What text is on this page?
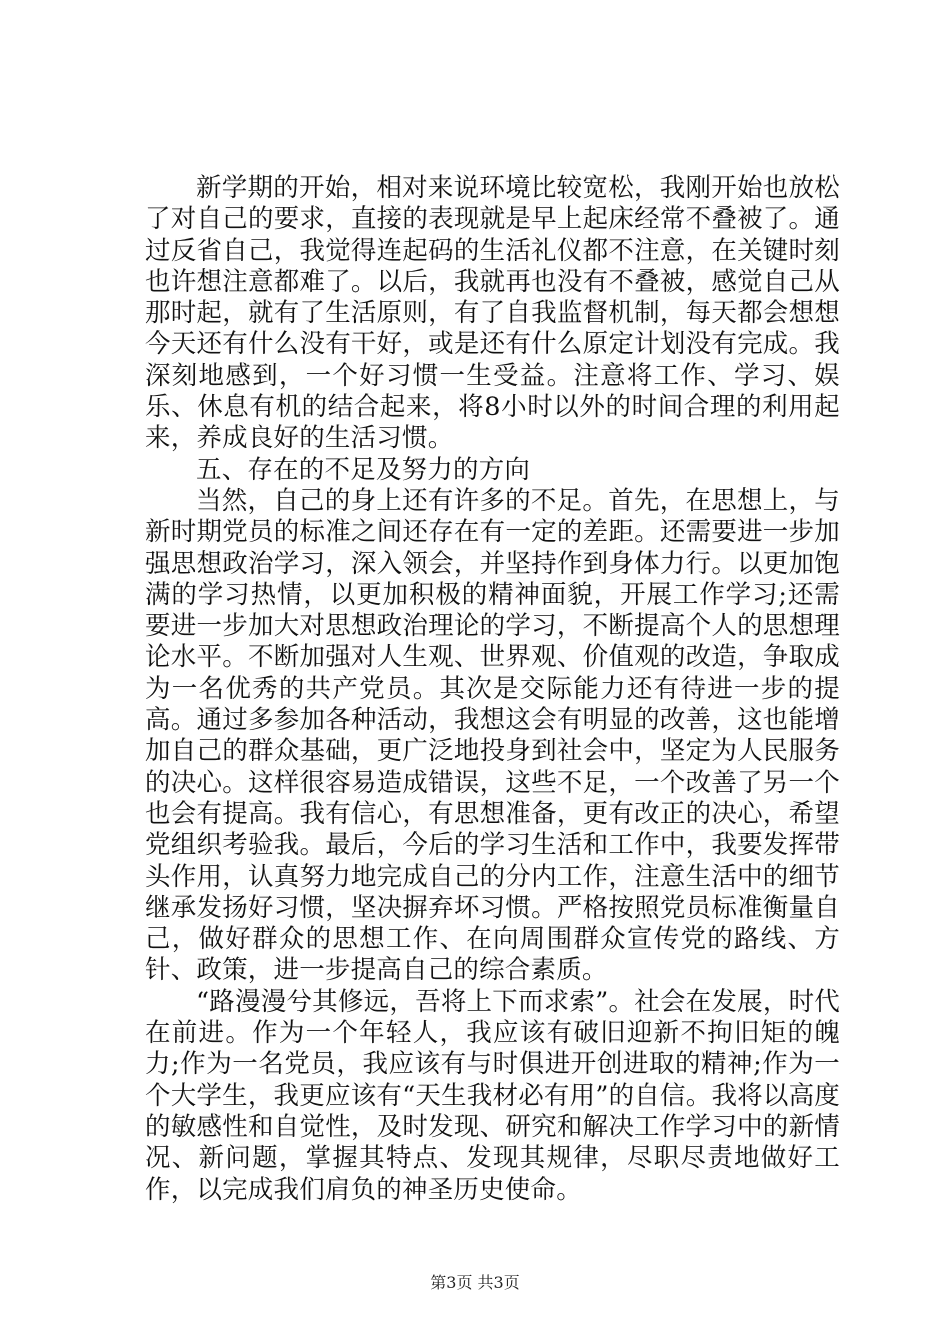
新学期的开始，相对来说环境比较宽松，我刚开始也放松了对自己的要求，直接的表现就是早上起床经常不叠被了。通过反省自己，我觉得连起码的生活礼仪都不注意，在关键时刻也许想注意都难了。以后，我就再也没有不叠被，感觉自己从那时起，就有了生活原则，有了自我监督机制，每天都会想想今天还有什么没有干好，或是还有什么原定计划没有完成。我深刻地感到，一个好习惯一生受益。注意将工作、学习、娱乐、休息有机的结合起来，将8小时以外的时间合理的利用起来，养成良好的生活习惯。

五、存在的不足及努力的方向

当然，自己的身上还有许多的不足。首先，在思想上，与新时期党员的标准之间还存在有一定的差距。还需要进一步加强思想政治学习，深入领会，并坚持作到身体力行。以更加饱满的学习热情，以更加积极的精神面貌，开展工作学习;还需要进一步加大对思想政治理论的学习，不断提高个人的思想理论水平。不断加强对人生观、世界观、价值观的改造，争取成为一名优秀的共产党员。其次是交际能力还有待进一步的提高。通过多参加各种活动，我想这会有明显的改善，这也能增加自己的群众基础，更广泛地投身到社会中，坚定为人民服务的决心。这样很容易造成错误，这些不足，一个改善了另一个也会有提高。我有信心，有思想准备，更有改正的决心，希望党组织考验我。最后，今后的学习生活和工作中，我要发挥带头作用，认真努力地完成自己的分内工作，注意生活中的细节继承发扬好习惯，坚决摒弃坏习惯。严格按照党员标准衡量自己，做好群众的思想工作、在向周围群众宣传党的路线、方针、政策，进一步提高自己的综合素质。

“路漫漫兮其修远，吾将上下而求索”。社会在发展，时代在前进。作为一个年轻人，我应该有破旧迎新不拘旧矩的魄力;作为一名党员，我应该有与时俱进开创进取的精神;作为一个大学生，我更应该有“天生我材必有用”的自信。我将以高度的敏感性和自觉性，及时发现、研究和解决工作学习中的新情况、新问题，掌握其特点、发现其规律，尽职尽责地做好工作，以完成我们肩负的神圣历史使命。

第3页 共3页
